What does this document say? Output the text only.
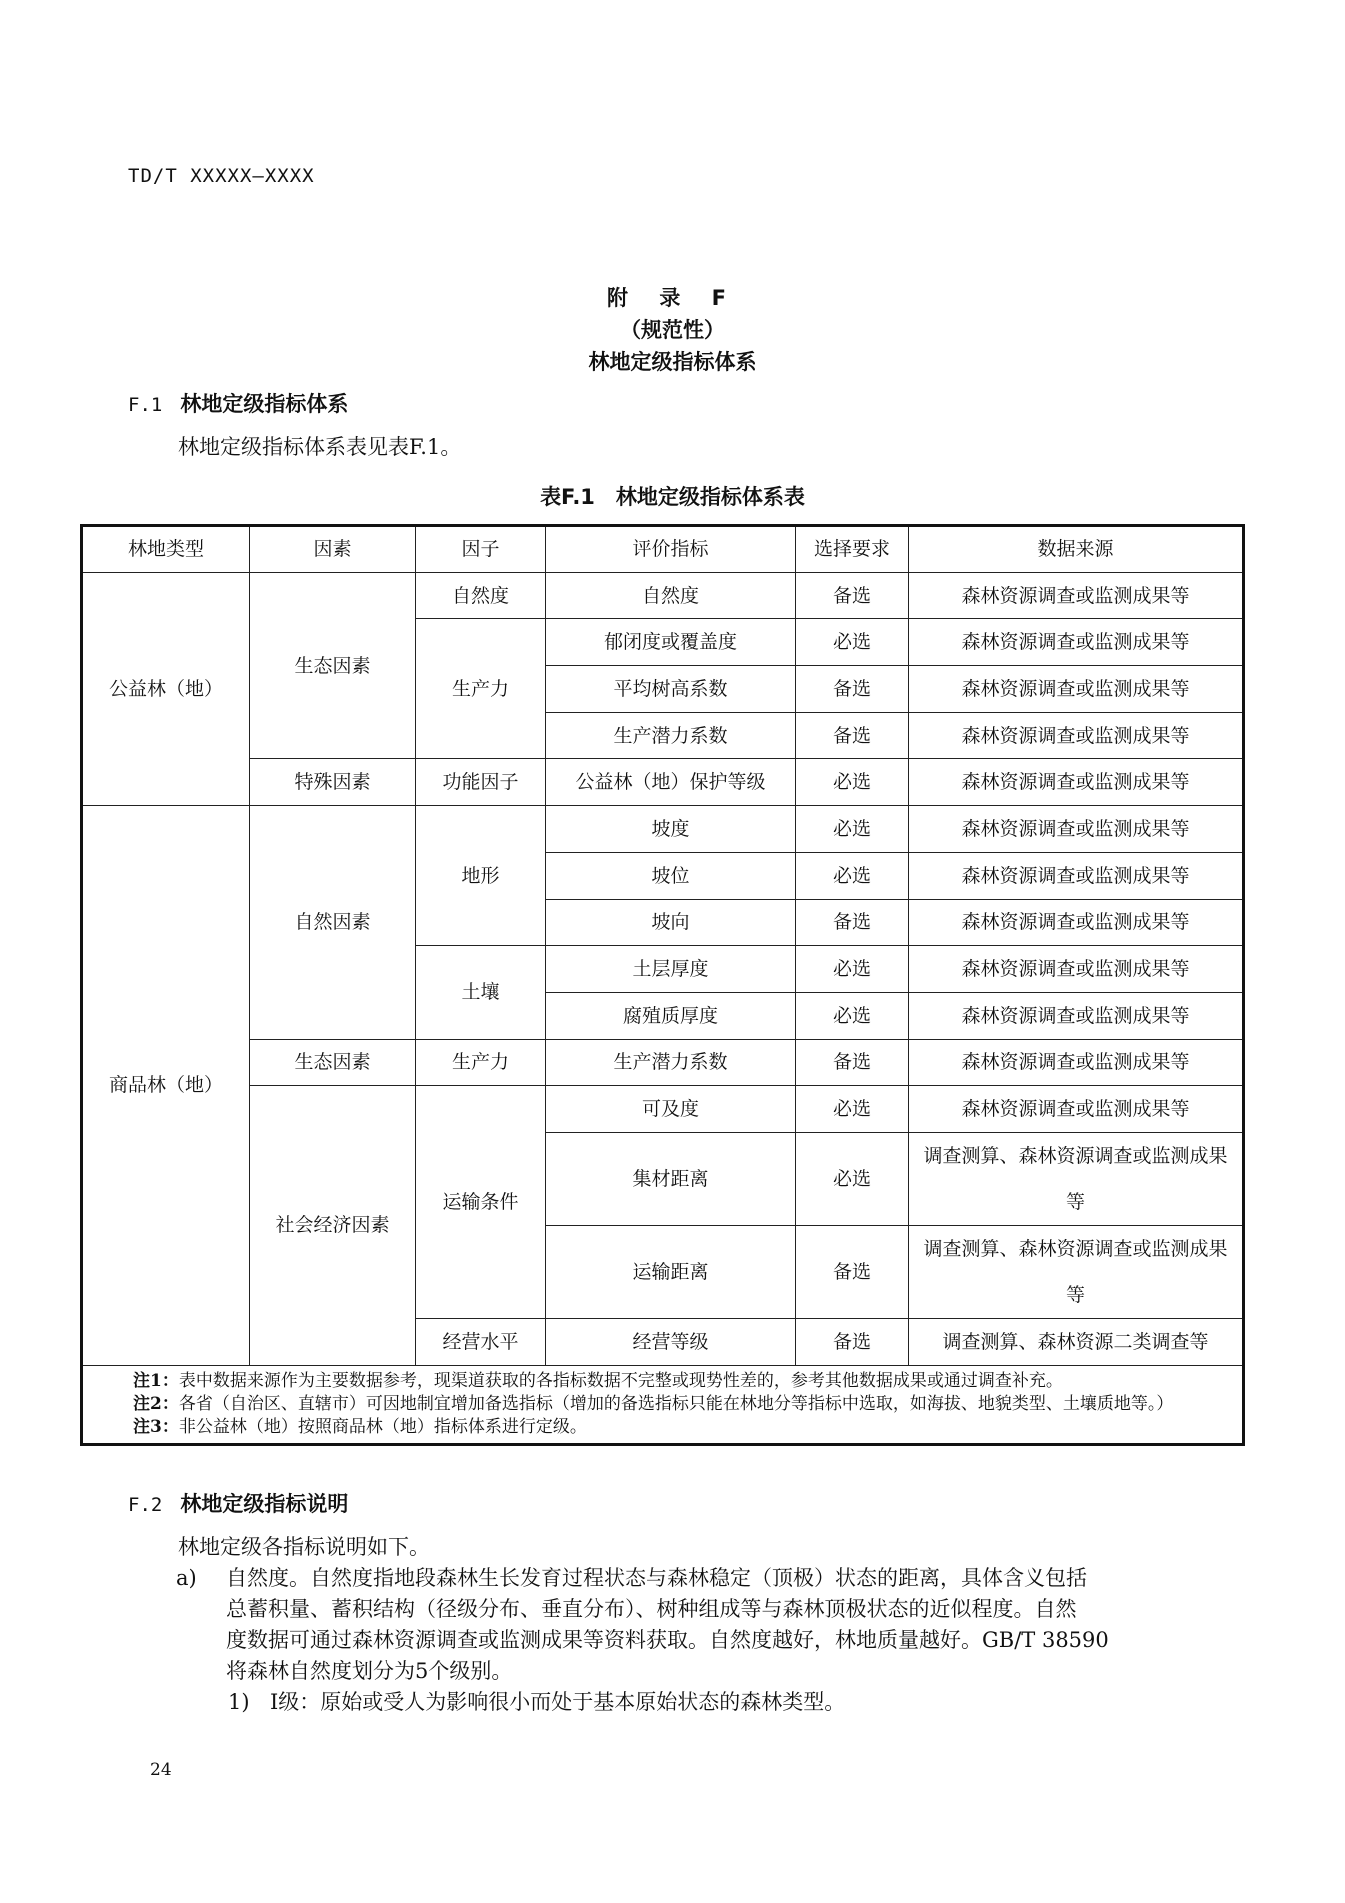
TD/T XXXXX—XXXX
附 录 F
（规范性）
林地定级指标体系
F.1 林地定级指标体系
林地定级指标体系表见表F.1。
表F.1　林地定级指标体系表
林地类型	因素	因子	评价指标	选择要求	数据来源
公益林（地）	生态因素	自然度	自然度	备选	森林资源调查或监测成果等
		生产力	郁闭度或覆盖度	必选	森林资源调查或监测成果等
			平均树高系数	备选	森林资源调查或监测成果等
			生产潜力系数	备选	森林资源调查或监测成果等
	特殊因素	功能因子	公益林（地）保护等级	必选	森林资源调查或监测成果等
商品林（地）	自然因素	地形	坡度	必选	森林资源调查或监测成果等
			坡位	必选	森林资源调查或监测成果等
			坡向	备选	森林资源调查或监测成果等
		土壤	土层厚度	必选	森林资源调查或监测成果等
			腐殖质厚度	必选	森林资源调查或监测成果等
	生态因素	生产力	生产潜力系数	备选	森林资源调查或监测成果等
	社会经济因素	运输条件	可及度	必选	森林资源调查或监测成果等
			集材距离	必选	调查测算、森林资源调查或监测成果等
			运输距离	备选	调查测算、森林资源调查或监测成果等
		经营水平	经营等级	备选	调查测算、森林资源二类调查等

注1：表中数据来源作为主要数据参考，现渠道获取的各指标数据不完整或现势性差的，参考其他数据成果或通过调查补充。
注2：各省（自治区、直辖市）可因地制宜增加备选指标（增加的备选指标只能在林地分等指标中选取，如海拔、地貌类型、土壤质地等。）
注3：非公益林（地）按照商品林（地）指标体系进行定级。					
F.2 林地定级指标说明
林地定级各指标说明如下。
a) 自然度。自然度指地段森林生长发育过程状态与森林稳定（顶极）状态的距离，具体含义包括
总蓄积量、蓄积结构（径级分布、垂直分布）、树种组成等与森林顶极状态的近似程度。自然
度数据可通过森林资源调查或监测成果等资料获取。自然度越好，林地质量越好。GB/T 38590
将森林自然度划分为5个级别。
1) Ⅰ级：原始或受人为影响很小而处于基本原始状态的森林类型。
24
